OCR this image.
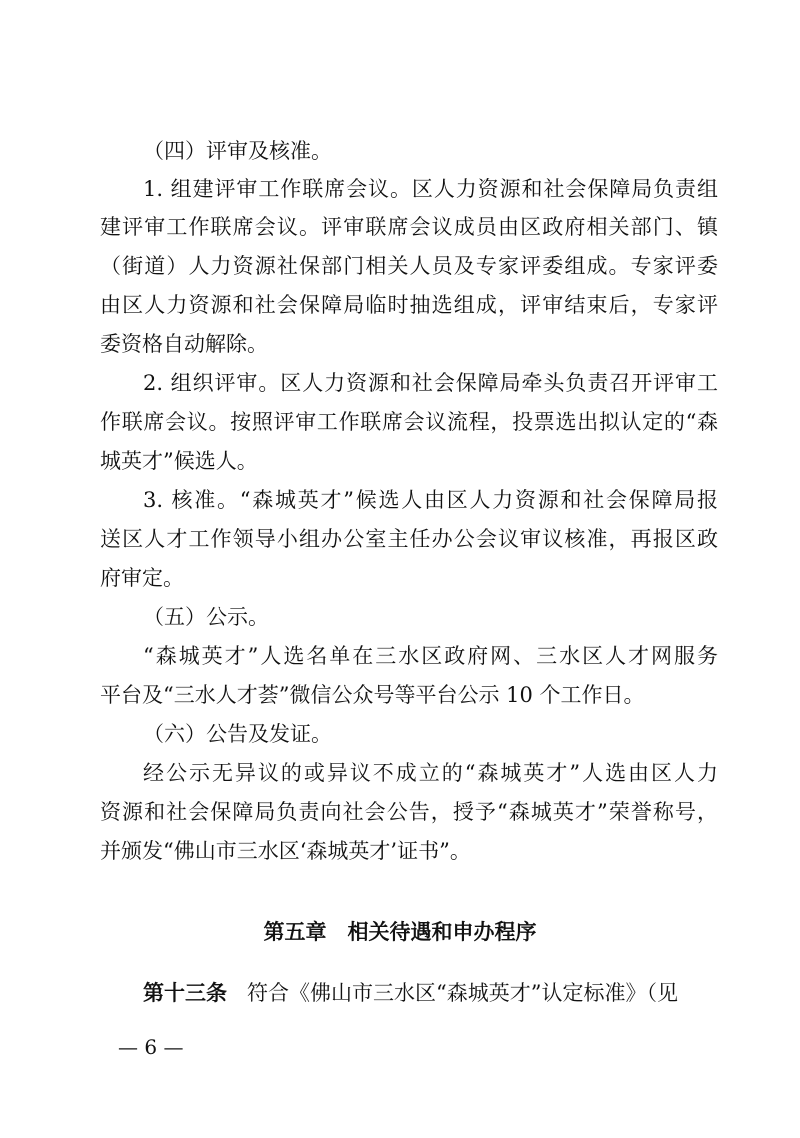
（四）评审及核准。
1. 组建评审工作联席会议。区人力资源和社会保障局负责组
建评审工作联席会议。评审联席会议成员由区政府相关部门、镇
（街道）人力资源社保部门相关人员及专家评委组成。专家评委
由区人力资源和社会保障局临时抽选组成，评审结束后，专家评
委资格自动解除。
2. 组织评审。区人力资源和社会保障局牵头负责召开评审工
作联席会议。按照评审工作联席会议流程，投票选出拟认定的“森
城英才”候选人。
3. 核准。“森城英才”候选人由区人力资源和社会保障局报
送区人才工作领导小组办公室主任办公会议审议核准，再报区政
府审定。
（五）公示。
“森城英才”人选名单在三水区政府网、三水区人才网服务
平台及“三水人才荟”微信公众号等平台公示 10 个工作日。
（六）公告及发证。
经公示无异议的或异议不成立的“森城英才”人选由区人力
资源和社会保障局负责向社会公告，授予“森城英才”荣誉称号，
并颁发“佛山市三水区‘森城英才’证书”。
第五章　相关待遇和申办程序
第十三条 符合《佛山市三水区“森城英才”认定标准》（见
— 6 —
